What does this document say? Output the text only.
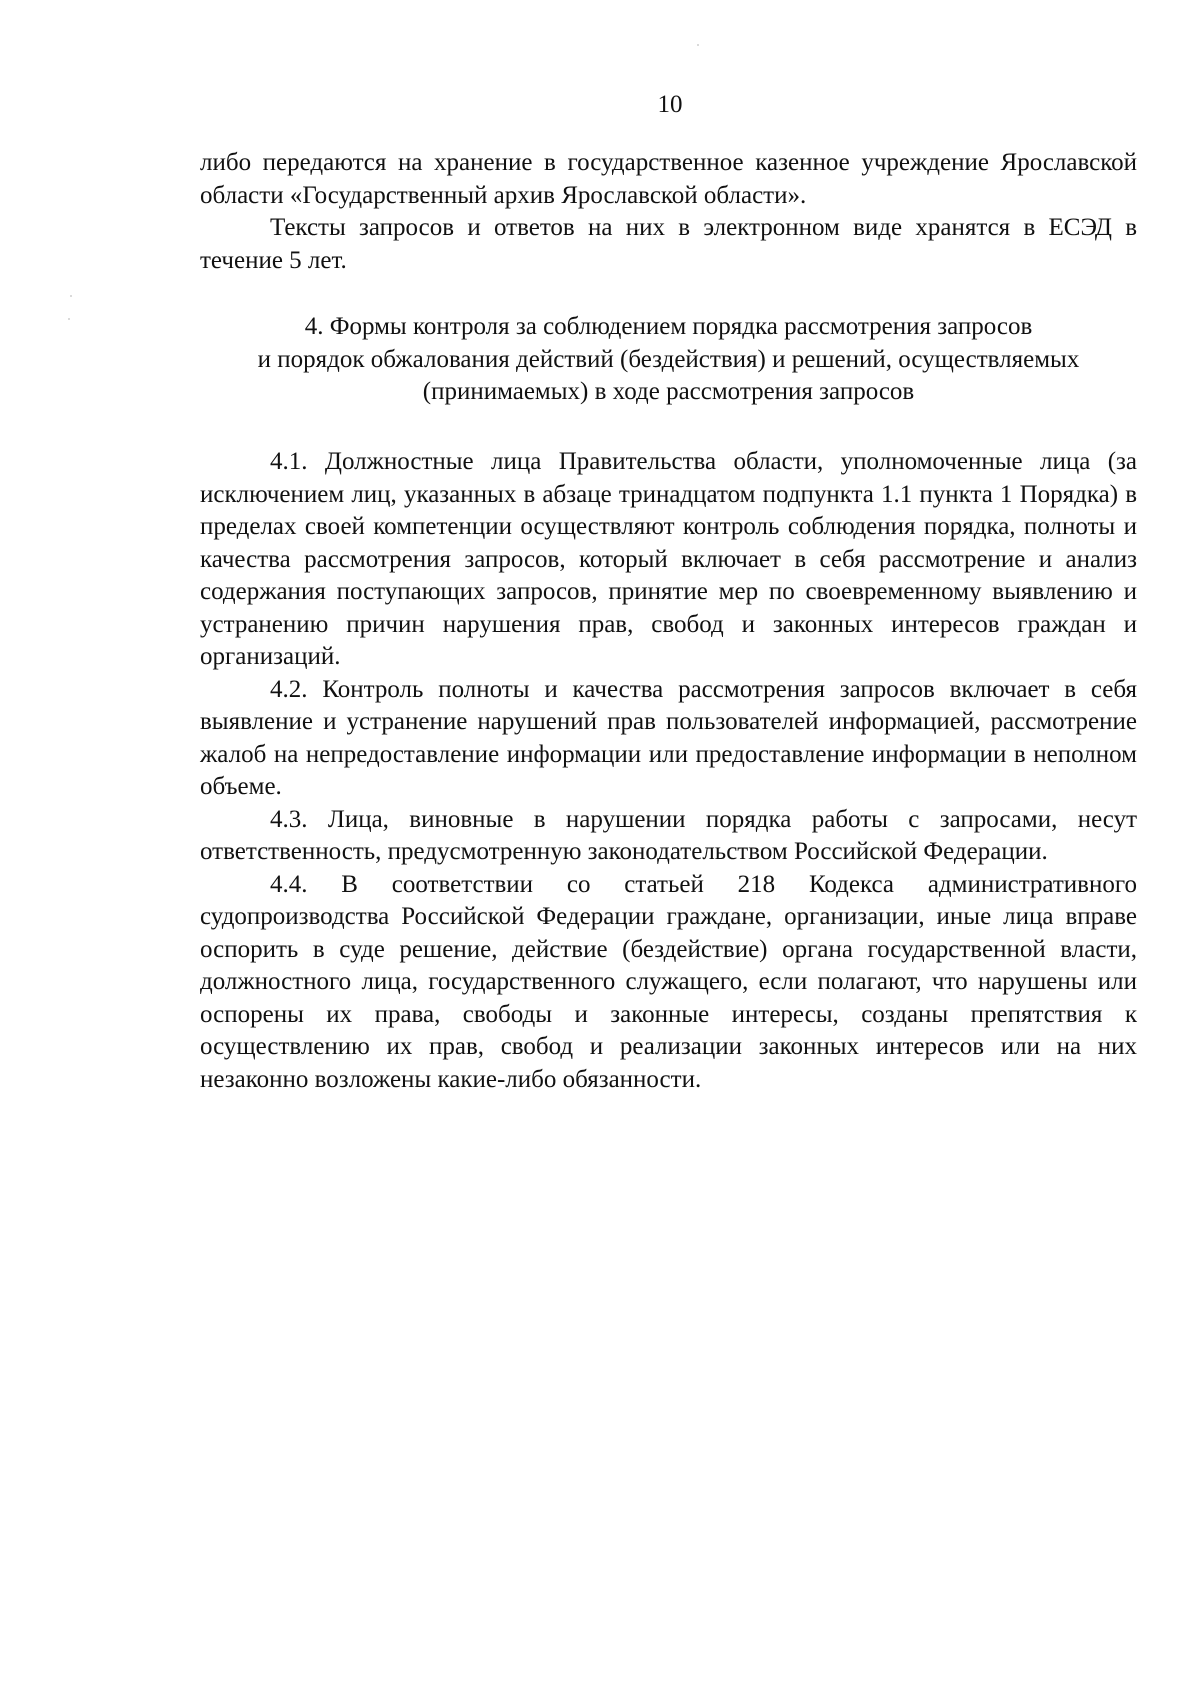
10

либо передаются на хранение в государственное казенное учреждение Ярославской области «Государственный архив Ярославской области».

Тексты запросов и ответов на них в электронном виде хранятся в ЕСЭД в течение 5 лет.

4. Формы контроля за соблюдением порядка рассмотрения запросов

и порядок обжалования действий (бездействия) и решений, осуществляемых

(принимаемых) в ходе рассмотрения запросов

4.1. Должностные лица Правительства области, уполномоченные лица (за исключением лиц, указанных в абзаце тринадцатом подпункта 1.1 пункта 1 Порядка) в пределах своей компетенции осуществляют контроль соблюдения порядка, полноты и качества рассмотрения запросов, который включает в себя рассмотрение и анализ содержания поступающих запросов, принятие мер по своевременному выявлению и устранению причин нарушения прав, свобод и законных интересов граждан и организаций.

4.2. Контроль полноты и качества рассмотрения запросов включает в себя выявление и устранение нарушений прав пользователей информацией, рассмотрение жалоб на непредоставление информации или предоставление информации в неполном объеме.

4.3. Лица, виновные в нарушении порядка работы с запросами, несут ответственность, предусмотренную законодательством Российской Федерации.

4.4. В соответствии со статьей 218 Кодекса административного судопроизводства Российской Федерации граждане, организации, иные лица вправе оспорить в суде решение, действие (бездействие) органа государственной власти, должностного лица, государственного служащего, если полагают, что нарушены или оспорены их права, свободы и законные интересы, созданы препятствия к осуществлению их прав, свобод и реализации законных интересов или на них незаконно возложены какие-либо обязанности.
